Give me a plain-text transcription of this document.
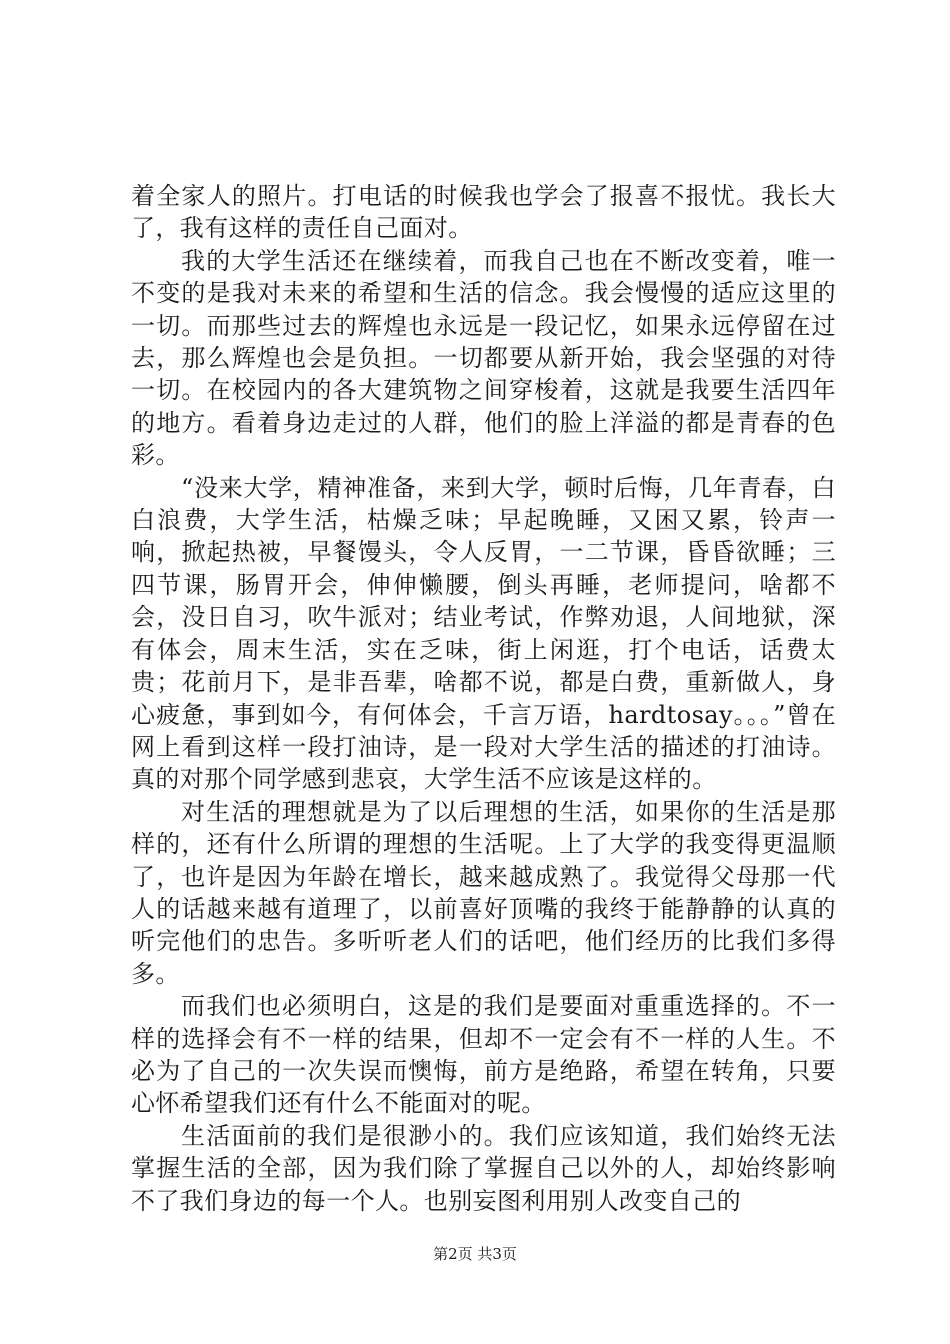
着全家人的照片。打电话的时候我也学会了报喜不报忧。我长大了，我有这样的责任自己面对。

我的大学生活还在继续着，而我自己也在不断改变着，唯一不变的是我对未来的希望和生活的信念。我会慢慢的适应这里的一切。而那些过去的辉煌也永远是一段记忆，如果永远停留在过去，那么辉煌也会是负担。一切都要从新开始，我会坚强的对待一切。在校园内的各大建筑物之间穿梭着，这就是我要生活四年的地方。看着身边走过的人群，他们的脸上洋溢的都是青春的色彩。

“没来大学，精神准备，来到大学，顿时后悔，几年青春，白白浪费，大学生活，枯燥乏味；早起晚睡，又困又累，铃声一响，掀起热被，早餐馒头，令人反胃，一二节课，昏昏欲睡；三四节课，肠胃开会，伸伸懒腰，倒头再睡，老师提问，啥都不会，没日自习，吹牛派对；结业考试，作弊劝退，人间地狱，深有体会，周末生活，实在乏味，街上闲逛，打个电话，话费太贵；花前月下，是非吾辈，啥都不说，都是白费，重新做人，身心疲惫，事到如今，有何体会，千言万语，hardtosay。。。”曾在网上看到这样一段打油诗，是一段对大学生活的描述的打油诗。真的对那个同学感到悲哀，大学生活不应该是这样的。

对生活的理想就是为了以后理想的生活，如果你的生活是那样的，还有什么所谓的理想的生活呢。上了大学的我变得更温顺了，也许是因为年龄在增长，越来越成熟了。我觉得父母那一代人的话越来越有道理了，以前喜好顶嘴的我终于能静静的认真的听完他们的忠告。多听听老人们的话吧，他们经历的比我们多得多。

而我们也必须明白，这是的我们是要面对重重选择的。不一样的选择会有不一样的结果，但却不一定会有不一样的人生。不必为了自己的一次失误而懊悔，前方是绝路，希望在转角，只要心怀希望我们还有什么不能面对的呢。

生活面前的我们是很渺小的。我们应该知道，我们始终无法掌握生活的全部，因为我们除了掌握自己以外的人，却始终影响不了我们身边的每一个人。也别妄图利用别人改变自己的

第2页 共3页
